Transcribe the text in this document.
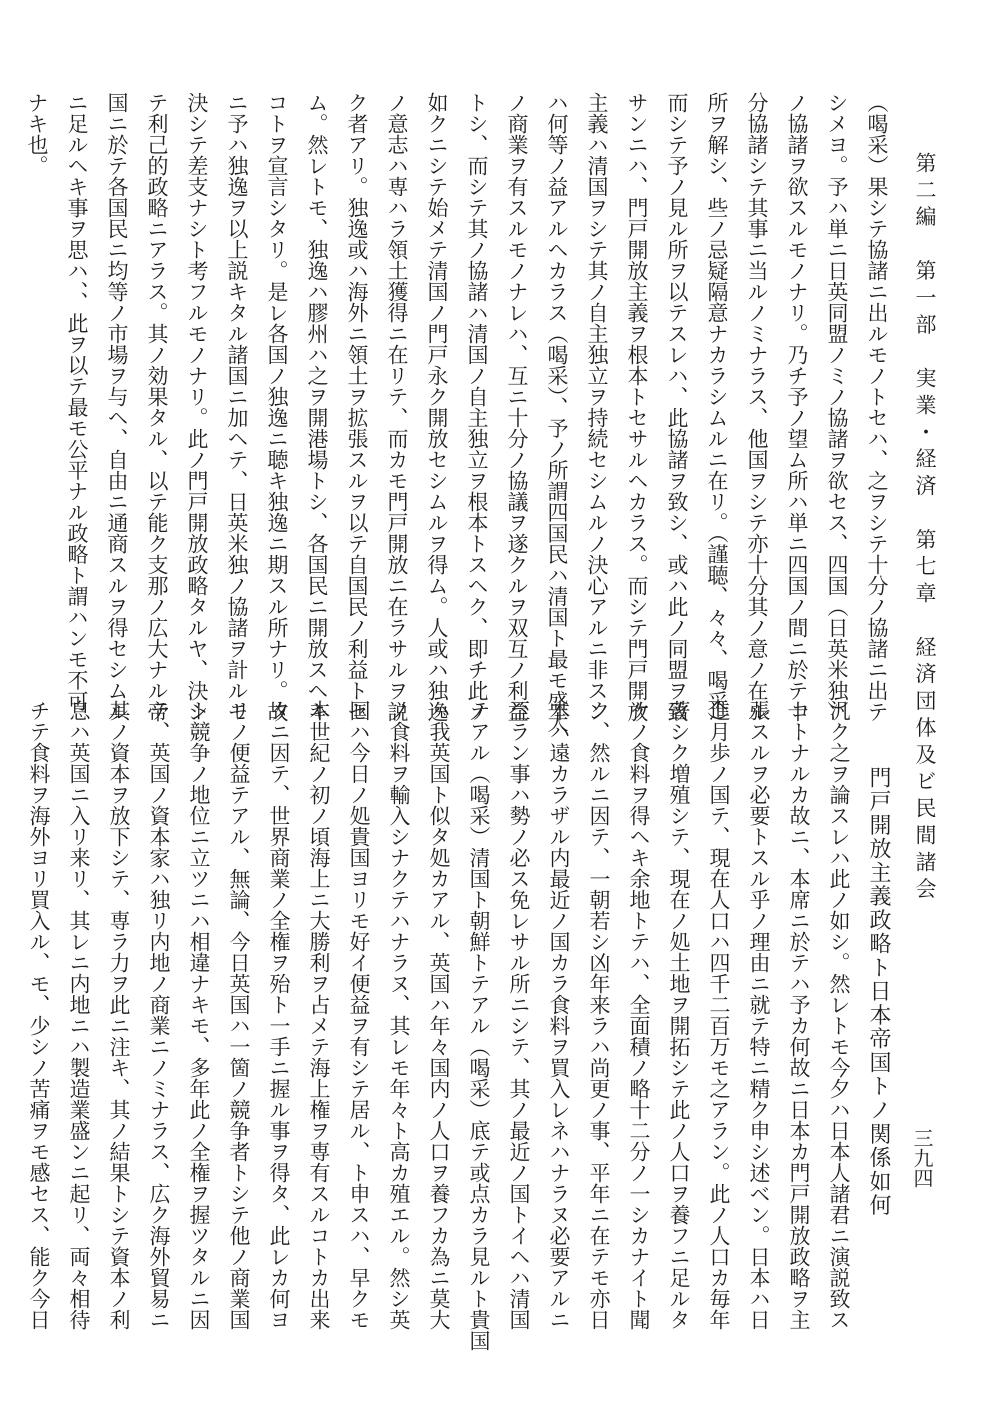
第二編　第一部　実業・経済　第七章　経済団体及ビ民間諸会
三九四
（喝采）果シテ協諸ニ出ルモノトセハ、之ヲシテ十分ノ協諸ニ出テ
シメヨ。予ハ単ニ日英同盟ノミノ協諸ヲ欲セス、四国（日英米独）
ノ協諸ヲ欲スルモノナリ。乃チ予ノ望ム所ハ単ニ四国ノ間ニ於テ十
分協諸シテ其事ニ当ルノミナラス、他国ヲシテ亦十分其ノ意ノ在ル
所ヲ解シ、些ノ忌疑隔意ナカラシムルニ在リ。（謹聴、々々、喝采）
而シテ予ノ見ル所ヲ以テスレハ、此協諸ヲ致シ、或ハ此ノ同盟ヲ致
サンニハ、門戸開放主義ヲ根本トセサルヘカラス。而シテ門戸開放
主義ハ清国ヲシテ其ノ自主独立ヲ持続セシムルノ決心アルニ非スン
ハ何等ノ益アルヘカラス（喝采）、予ノ所謂四国民ハ清国ト最モ盛大
ノ商業ヲ有スルモノナレハ、互ニ十分ノ協議ヲ遂クルヲ双互ノ利益
トシ、而シテ其ノ協諸ハ清国ノ自主独立ヲ根本トスヘク、即チ此ノ
如クニシテ始メテ清国ノ門戸永ク開放セシムルヲ得ム。人或ハ独逸
ノ意志ハ専ハラ領土獲得ニ在リテ、而カモ門戸開放ニ在ラサルヲ説
ク者アリ。独逸或ハ海外ニ領土ヲ拡張スルヲ以テ自国民ノ利益トセ
ム。然レトモ、独逸ハ膠州ハ之ヲ開港場トシ、各国民ニ開放スヘキ
コトヲ宣言シタリ。是レ各国ノ独逸ニ聴キ独逸ニ期スル所ナリ。故
ニ予ハ独逸ヲ以上説キタル諸国ニ加ヘテ、日英米独ノ協諸ヲ計ルモ
決シテ差支ナシト考フルモノナリ。此ノ門戸開放政略タルヤ、決シ
テ利己的政略ニアラス。其ノ効果タル、以テ能ク支那ノ広大ナル帝
国ニ於テ各国民ニ均等ノ市場ヲ与ヘ、自由ニ通商スルヲ得セシムル
ニ足ルヘキ事ヲ思ハ、、此ヲ以テ最モ公平ナル政略ト謂ハンモ不可
ナキ也。
門戸開放主義政略ト日本帝国トノ関係如何
汎ク之ヲ論スレハ此ノ如シ。然レトモ今夕ハ日本人諸君ニ演説致ス
コトナルカ故ニ、本席ニ於テハ予カ何故ニ日本カ門戸開放政略ヲ主
張スルヲ必要トスル乎ノ理由ニ就テ特ニ精ク申シ述ベン。日本ハ日
進月歩ノ国テ、現在人口ハ四千二百万モ之アラン。此ノ人口カ毎年
著シク増殖シテ、現在ノ処土地ヲ開拓シテ此ノ人口ヲ養フニ足ルタ
ケノ食料ヲ得ヘキ余地トテハ、全面積ノ略十二分ノ一シカナイト聞
ク、然ルニ因テ、一朝若シ凶年来ラハ尚更ノ事、平年ニ在テモ亦日
本ハ遠カラザル内最近ノ国カラ食料ヲ買入レネハナラヌ必要アルニ
至ラン事ハ勢ノ必ス免レサル所ニシテ、其ノ最近ノ国トイヘハ清国
テアル（喝采）清国ト朝鮮トテアル（喝采）底テ或点カラ見ルト貴国
ハ我英国ト似タ処カアル、英国ハ年々国内ノ人口ヲ養フカ為ニ莫大
ノ食料ヲ輸入シナクテハナラヌ、其レモ年々ト高カ殖エル。然シ英
国ハ今日ノ処貴国ヨリモ好イ便益ヲ有シテ居ル、ト申スハ、早クモ
本世紀ノ初ノ頃海上ニ大勝利ヲ占メテ海上権ヲ専有スルコトカ出来
タニ因テ、世界商業ノ全権ヲ殆ト一手ニ握ル事ヲ得タ、此レカ何ヨ
リノ便益テアル、無論、今日英国ハ一箇ノ競争者トシテ他ノ商業国
ト競争ノ地位ニ立ツニハ相違ナキモ、多年此ノ全権ヲ握ツタルニ因
テ、英国ノ資本家ハ独リ内地ノ商業ニノミナラス、広ク海外貿易ニ
其ノ資本ヲ放下シテ、専ラ力ヲ此ニ注キ、其ノ結果トシテ資本ノ利
息ハ英国ニ入リ来リ、其レニ内地ニハ製造業盛ンニ起リ、両々相待
チテ食料ヲ海外ヨリ買入ル、モ、少シノ苦痛ヲモ感セス、能ク今日
